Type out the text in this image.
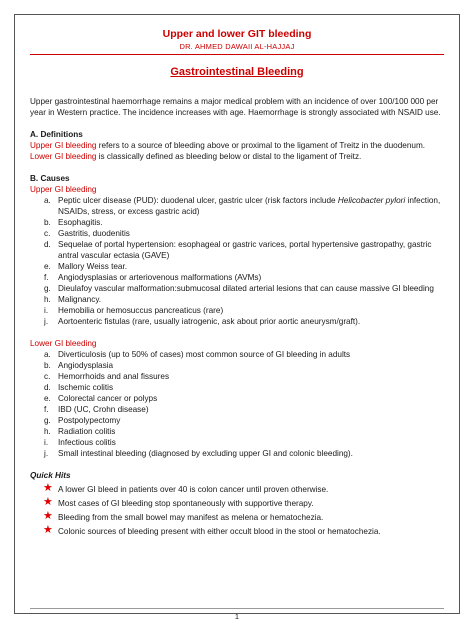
Upper and lower GIT bleeding
DR. AHMED DAWAII AL-HAJJAJ
Gastrointestinal Bleeding

Upper gastrointestinal haemorrhage remains a major medical problem with an incidence of over 100/100 000 per year in Western practice. The incidence increases with age. Haemorrhage is strongly associated with NSAID use.

A. Definitions

Upper GI bleeding refers to a source of bleeding above or proximal to the ligament of Treitz in the duodenum.

Lower GI bleeding is classically defined as bleeding below or distal to the ligament of Treitz.

B. Causes

Upper GI bleeding

a. Peptic ulcer disease (PUD): duodenal ulcer, gastric ulcer (risk factors include Helicobacter pylori infection, NSAIDs, stress, or excess gastric acid)
b. Esophagitis.
c. Gastritis, duodenitis
d. Sequelae of portal hypertension: esophageal or gastric varices, portal hypertensive gastropathy, gastric antral vascular ectasia (GAVE)
e. Mallory Weiss tear.
f. Angiodysplasias or arteriovenous malformations (AVMs)
g. Dieulafoy vascular malformation:submucosal dilated arterial lesions that can cause massive GI bleeding
h. Malignancy.
i. Hemobilia or hemosuccus pancreaticus (rare)
j. Aortoenteric fistulas (rare, usually iatrogenic, ask about prior aortic aneurysm/graft).

Lower GI bleeding

a. Diverticulosis (up to 50% of cases) most common source of GI bleeding in adults
b. Angiodysplasia
c. Hemorrhoids and anal fissures
d. Ischemic colitis
e. Colorectal cancer or polyps
f. IBD (UC, Crohn disease)
g. Postpolypectomy
h. Radiation colitis
i. Infectious colitis
j. Small intestinal bleeding (diagnosed by excluding upper GI and colonic bleeding).

Quick Hits

★ A lower GI bleed in patients over 40 is colon cancer until proven otherwise.
★ Most cases of GI bleeding stop spontaneously with supportive therapy.
★ Bleeding from the small bowel may manifest as melena or hematochezia.
★ Colonic sources of bleeding present with either occult blood in the stool or hematochezia.
1
